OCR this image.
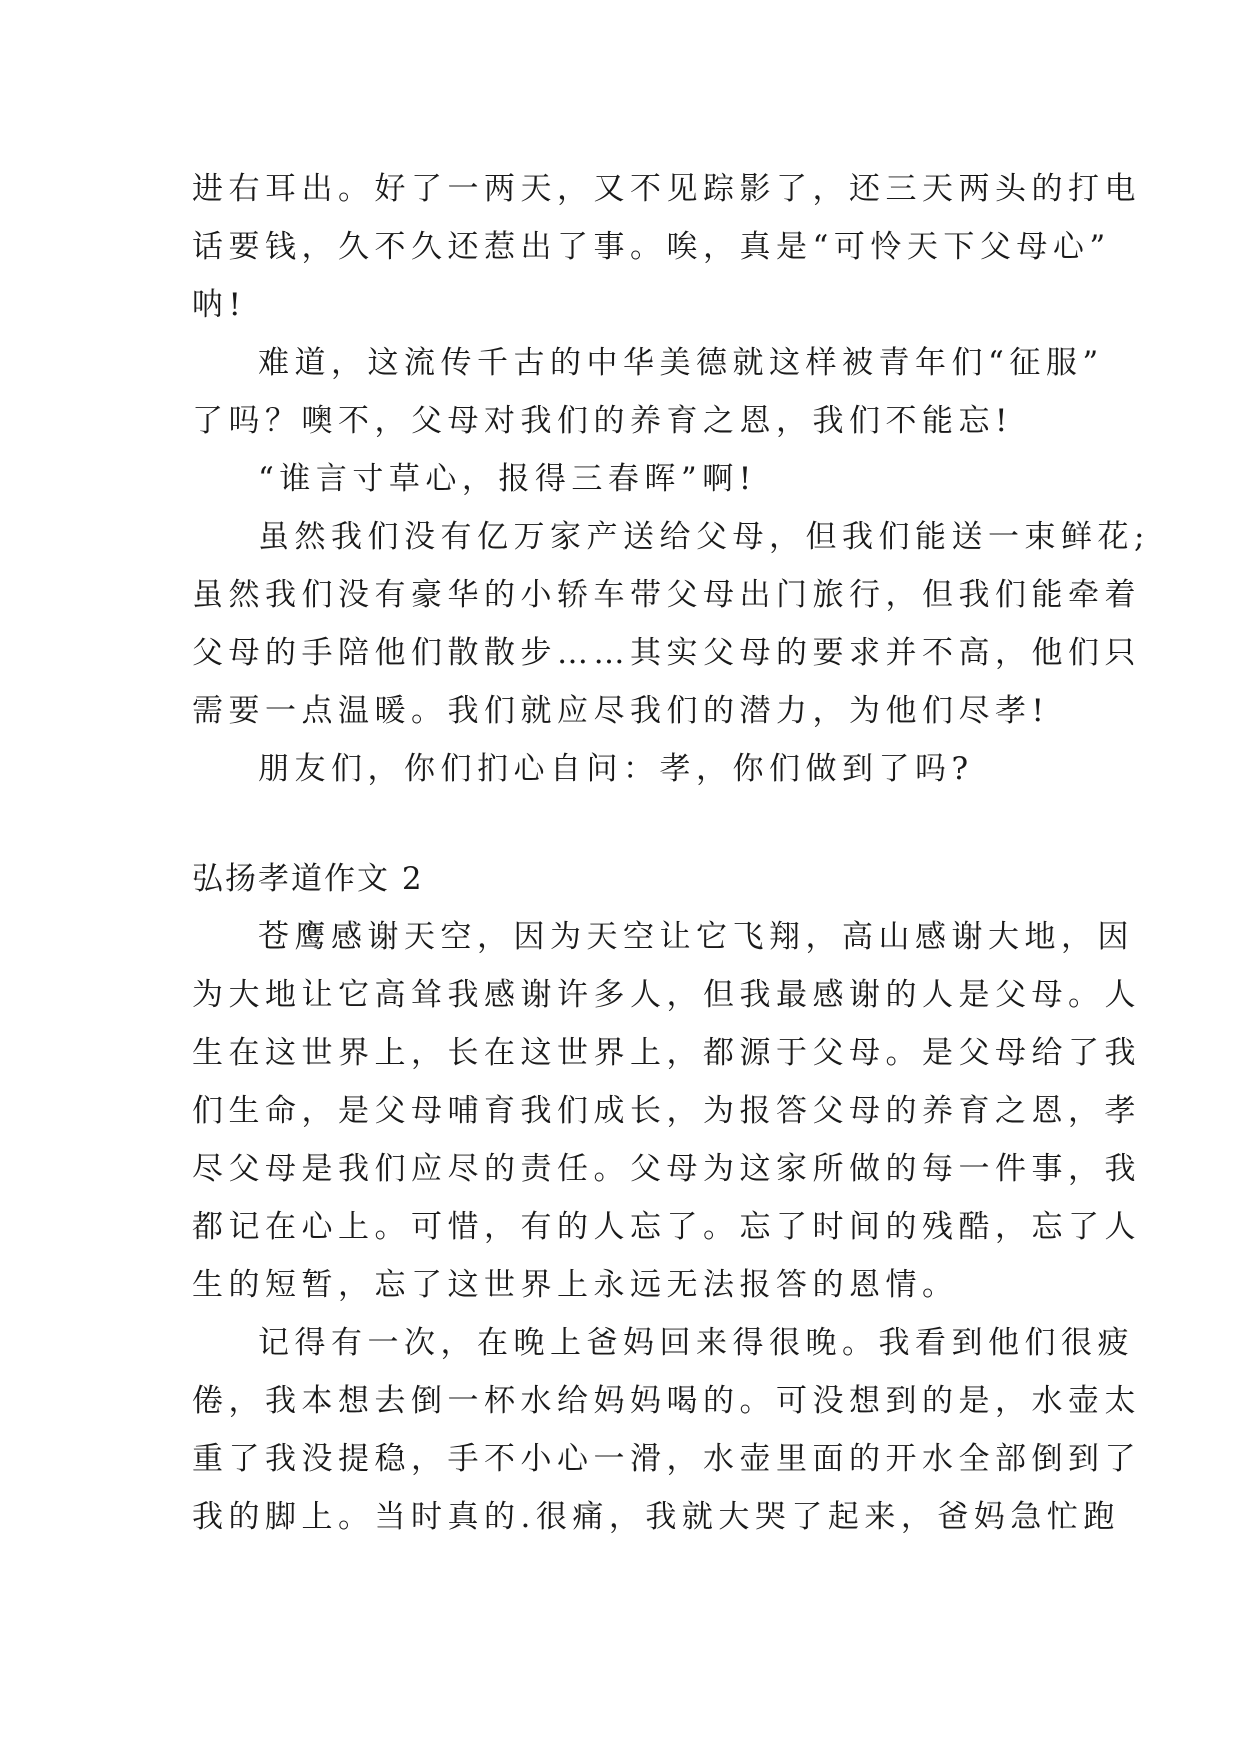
进右耳出。好了一两天，又不见踪影了，还三天两头的打电
话要钱，久不久还惹出了事。唉，真是“可怜天下父母心”
呐!
难道，这流传千古的中华美德就这样被青年们“征服”
了吗？噢不，父母对我们的养育之恩，我们不能忘!
“谁言寸草心，报得三春晖”啊!
虽然我们没有亿万家产送给父母，但我们能送一束鲜花;
虽然我们没有豪华的小轿车带父母出门旅行，但我们能牵着
父母的手陪他们散散步……其实父母的要求并不高，他们只
需要一点温暖。我们就应尽我们的潜力，为他们尽孝!
朋友们，你们扪心自问：孝，你们做到了吗?
弘扬孝道作文 2
苍鹰感谢天空，因为天空让它飞翔，高山感谢大地，因
为大地让它高耸我感谢许多人，但我最感谢的人是父母。人
生在这世界上，长在这世界上，都源于父母。是父母给了我
们生命，是父母哺育我们成长，为报答父母的养育之恩，孝
尽父母是我们应尽的责任。父母为这家所做的每一件事，我
都记在心上。可惜，有的人忘了。忘了时间的残酷，忘了人
生的短暂，忘了这世界上永远无法报答的恩情。
记得有一次，在晚上爸妈回来得很晚。我看到他们很疲
倦，我本想去倒一杯水给妈妈喝的。可没想到的是，水壶太
重了我没提稳，手不小心一滑，水壶里面的开水全部倒到了
我的脚上。当时真的.很痛，我就大哭了起来，爸妈急忙跑
